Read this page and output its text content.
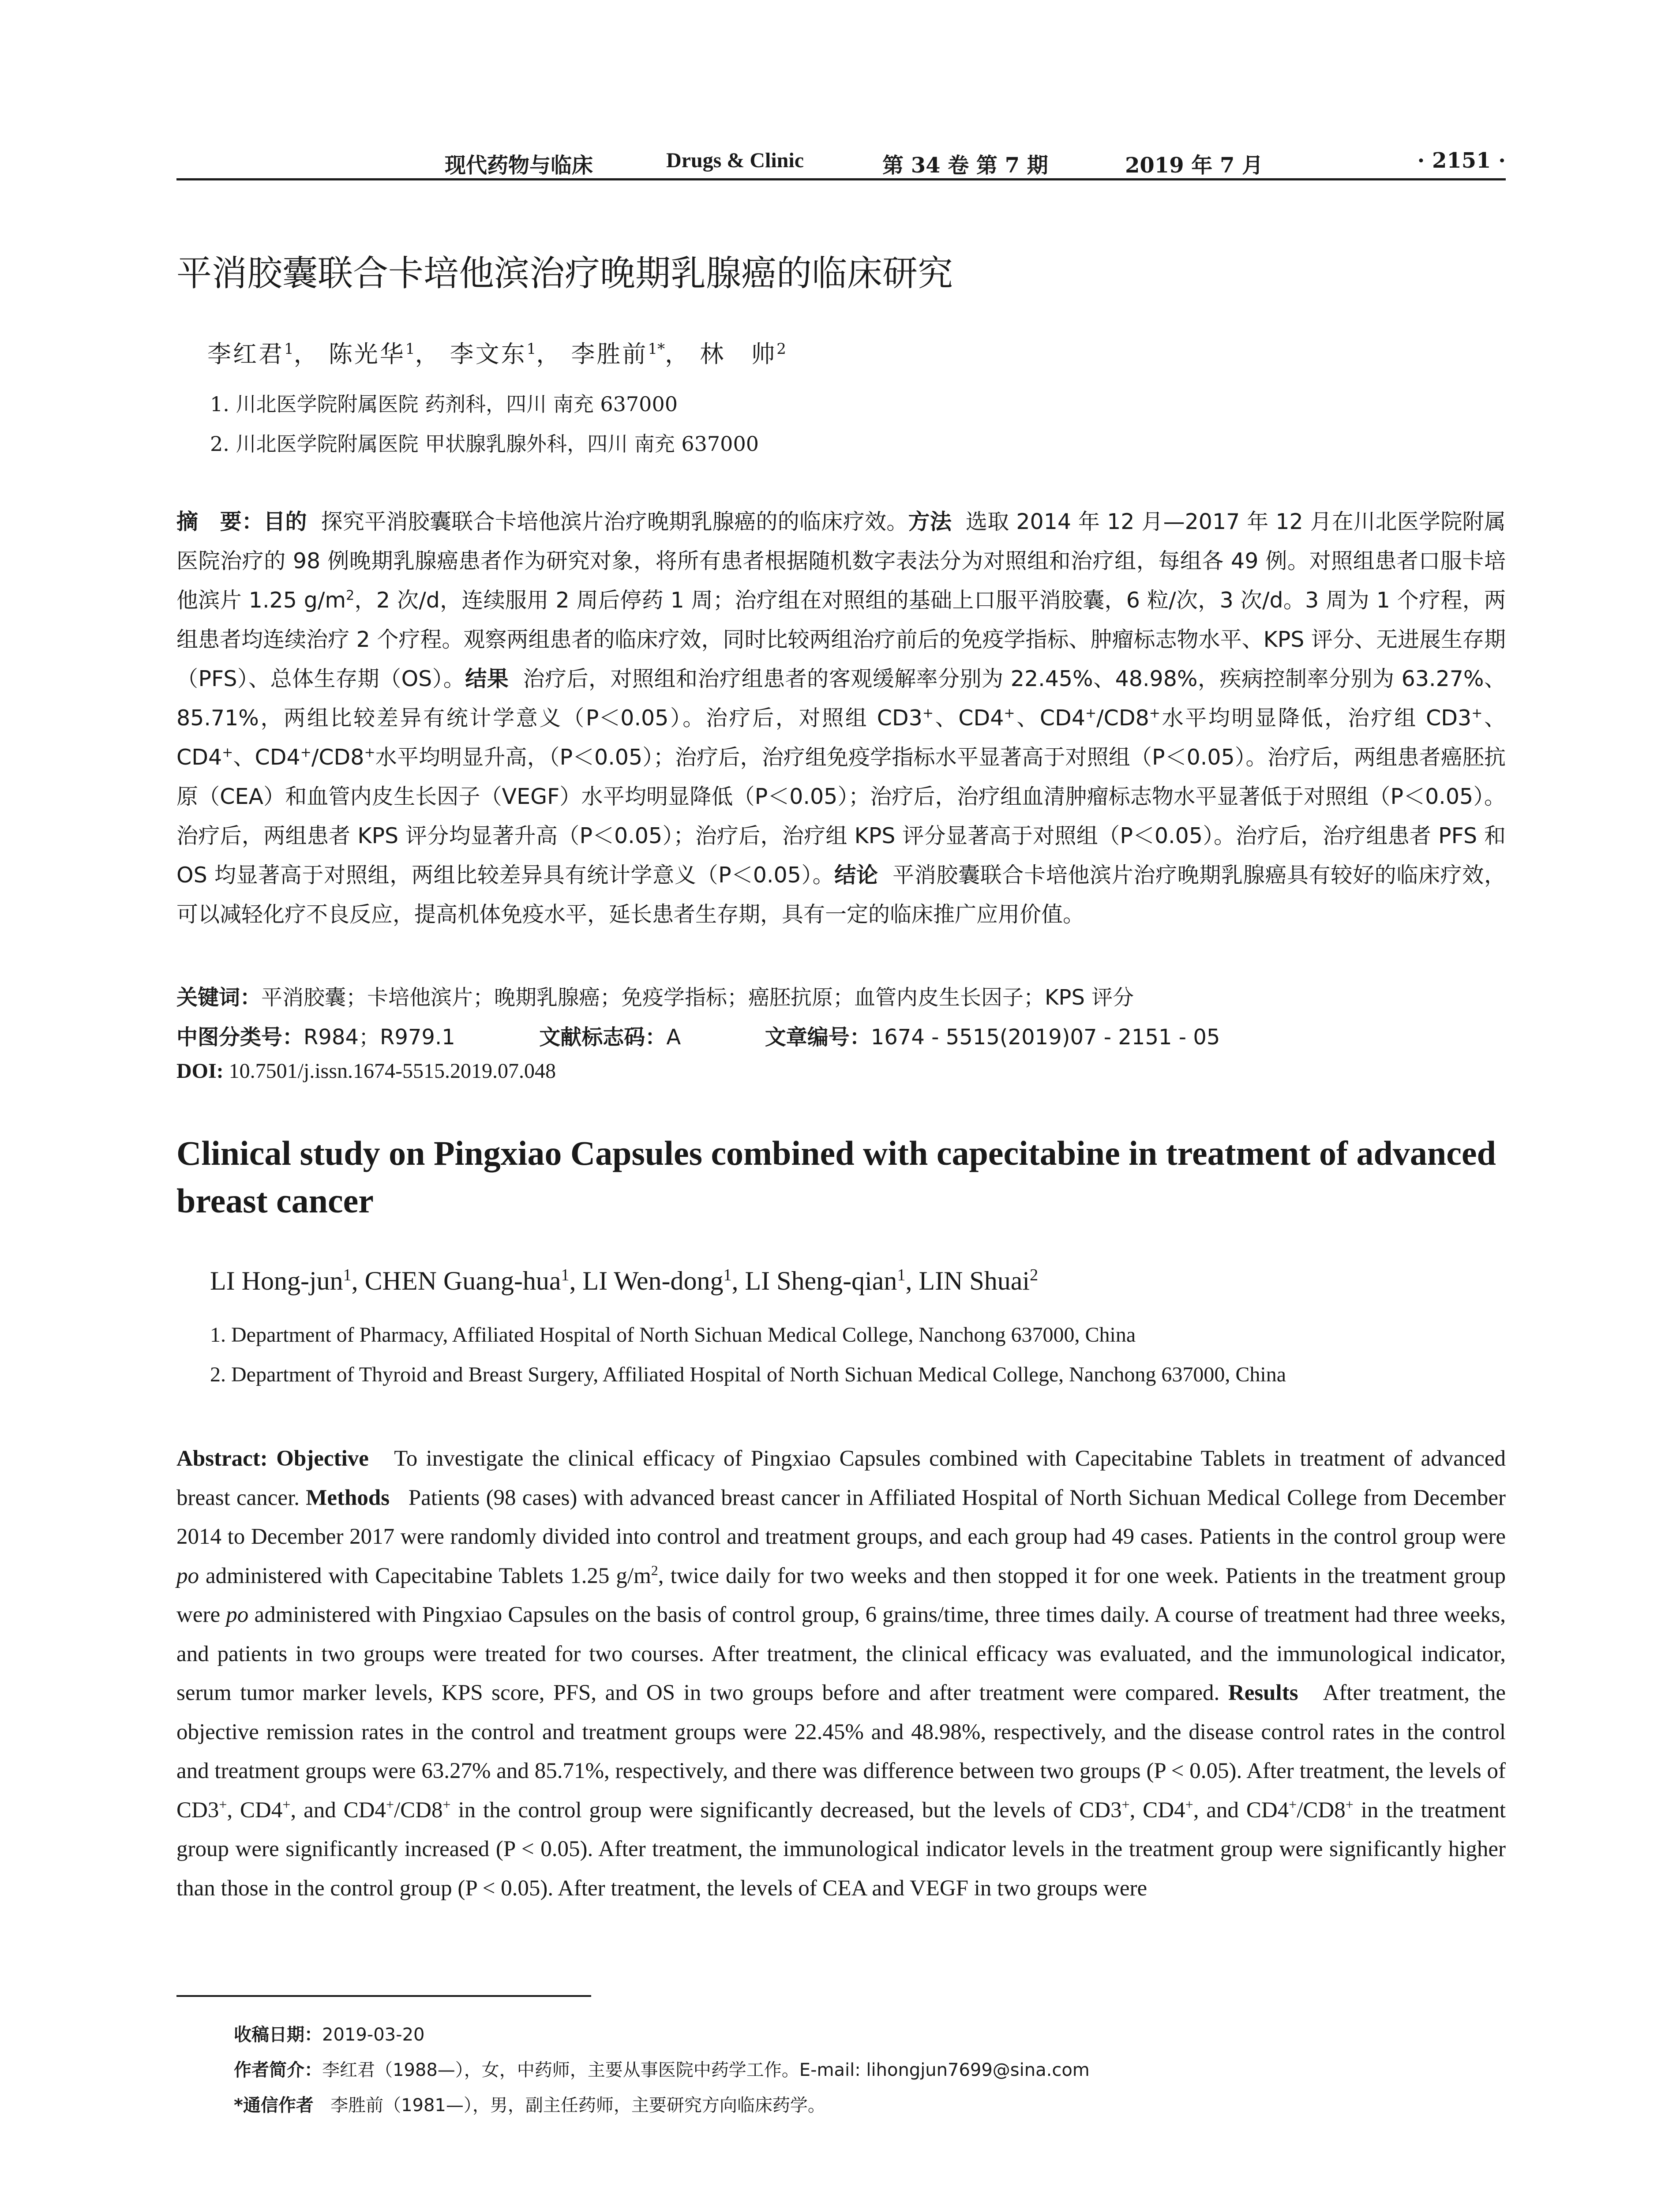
现代药物与临床	Drugs & Clinic	第 34 卷 第 7 期	2019 年 7 月	· 2151 ·
平消胶囊联合卡培他滨治疗晚期乳腺癌的临床研究
李红君$^1$， 陈光华$^1$， 李文东$^1$， 李胜前$^{1*}$， 林　帅$^2$
1. 川北医学院附属医院 药剂科，四川 南充 637000
2. 川北医学院附属医院 甲状腺乳腺外科，四川 南充 637000
摘　要：目的 探究平消胶囊联合卡培他滨片治疗晚期乳腺癌的的临床疗效。方法 选取 2014 年 12 月—2017 年 12 月在川北医学院附属医院治疗的 98 例晚期乳腺癌患者作为研究对象，将所有患者根据随机数字表法分为对照组和治疗组，每组各 49 例。对照组患者口服卡培他滨片 1.25 $g/m^2$，2 次/d，连续服用 2 周后停药 1 周；治疗组在对照组的基础上口服平消胶囊，6 粒/次，3 次/d。3 周为 1 个疗程，两组患者均连续治疗 2 个疗程。观察两组患者的临床疗效，同时比较两组治疗前后的免疫学指标、肿瘤标志物水平、KPS 评分、无进展生存期（PFS）、总体生存期（OS）。结果 治疗后，对照组和治疗组患者的客观缓解率分别为 22.45%、48.98%，疾病控制率分别为 63.27%、85.71%，两组比较差异有统计学意义（P＜0.05）。治疗后，对照组 CD3+、CD4+、CD4+/CD8+水平均明显降低，治疗组 CD3+、CD4+、CD4+/CD8+水平均明显升高，（P＜0.05）；治疗后，治疗组免疫学指标水平显著高于对照组（P＜0.05）。治疗后，两组患者癌胚抗原（CEA）和血管内皮生长因子（VEGF）水平均明显降低（P＜0.05）；治疗后，治疗组血清肿瘤标志物水平显著低于对照组（P＜0.05）。治疗后，两组患者 KPS 评分均显著升高（P＜0.05）；治疗后，治疗组 KPS 评分显著高于对照组（P＜0.05）。治疗后，治疗组患者 PFS 和 OS 均显著高于对照组，两组比较差异具有统计学意义（P＜0.05）。结论 平消胶囊联合卡培他滨片治疗晚期乳腺癌具有较好的临床疗效，可以减轻化疗不良反应，提高机体免疫水平，延长患者生存期，具有一定的临床推广应用价值。
关键词：平消胶囊；卡培他滨片；晚期乳腺癌；免疫学指标；癌胚抗原；血管内皮生长因子；KPS 评分
中图分类号：R984；R979.1	文献标志码：A	文章编号：1674 - 5515(2019)07 - 2151 - 05
DOI: 10.7501/j.issn.1674-5515.2019.07.048
Clinical study on Pingxiao Capsules combined with capecitabine in treatment of advanced breast cancer
LI Hong-jun$^1$, CHEN Guang-hua$^1$, LI Wen-dong$^1$, LI Sheng-qian$^1$, LIN Shuai$^2$
1. Department of Pharmacy, Affiliated Hospital of North Sichuan Medical College, Nanchong 637000, China
2. Department of Thyroid and Breast Surgery, Affiliated Hospital of North Sichuan Medical College, Nanchong 637000, China
Abstract: Objective To investigate the clinical efficacy of Pingxiao Capsules combined with Capecitabine Tablets in treatment of advanced breast cancer. Methods Patients (98 cases) with advanced breast cancer in Affiliated Hospital of North Sichuan Medical College from December 2014 to December 2017 were randomly divided into control and treatment groups, and each group had 49 cases. Patients in the control group were po administered with Capecitabine Tablets 1.25 $g/m^2$, twice daily for two weeks and then stopped it for one week. Patients in the treatment group were po administered with Pingxiao Capsules on the basis of control group, 6 grains/time, three times daily. A course of treatment had three weeks, and patients in two groups were treated for two courses. After treatment, the clinical efficacy was evaluated, and the immunological indicator, serum tumor marker levels, KPS score, PFS, and OS in two groups before and after treatment were compared. Results After treatment, the objective remission rates in the control and treatment groups were 22.45% and 48.98%, respectively, and the disease control rates in the control and treatment groups were 63.27% and 85.71%, respectively, and there was difference between two groups (P < 0.05). After treatment, the levels of CD3+, CD4+, and CD4+/CD8+ in the control group were significantly decreased, but the levels of CD3+, CD4+, and CD4+/CD8+ in the treatment group were significantly increased (P < 0.05). After treatment, the immunological indicator levels in the treatment group were significantly higher than those in the control group (P < 0.05). After treatment, the levels of CEA and VEGF in two groups were
收稿日期：2019-03-20
作者简介：李红君（1988—），女，中药师，主要从事医院中药学工作。E-mail: lihongjun7699@sina.com
*通信作者 李胜前（1981—），男，副主任药师，主要研究方向临床药学。
